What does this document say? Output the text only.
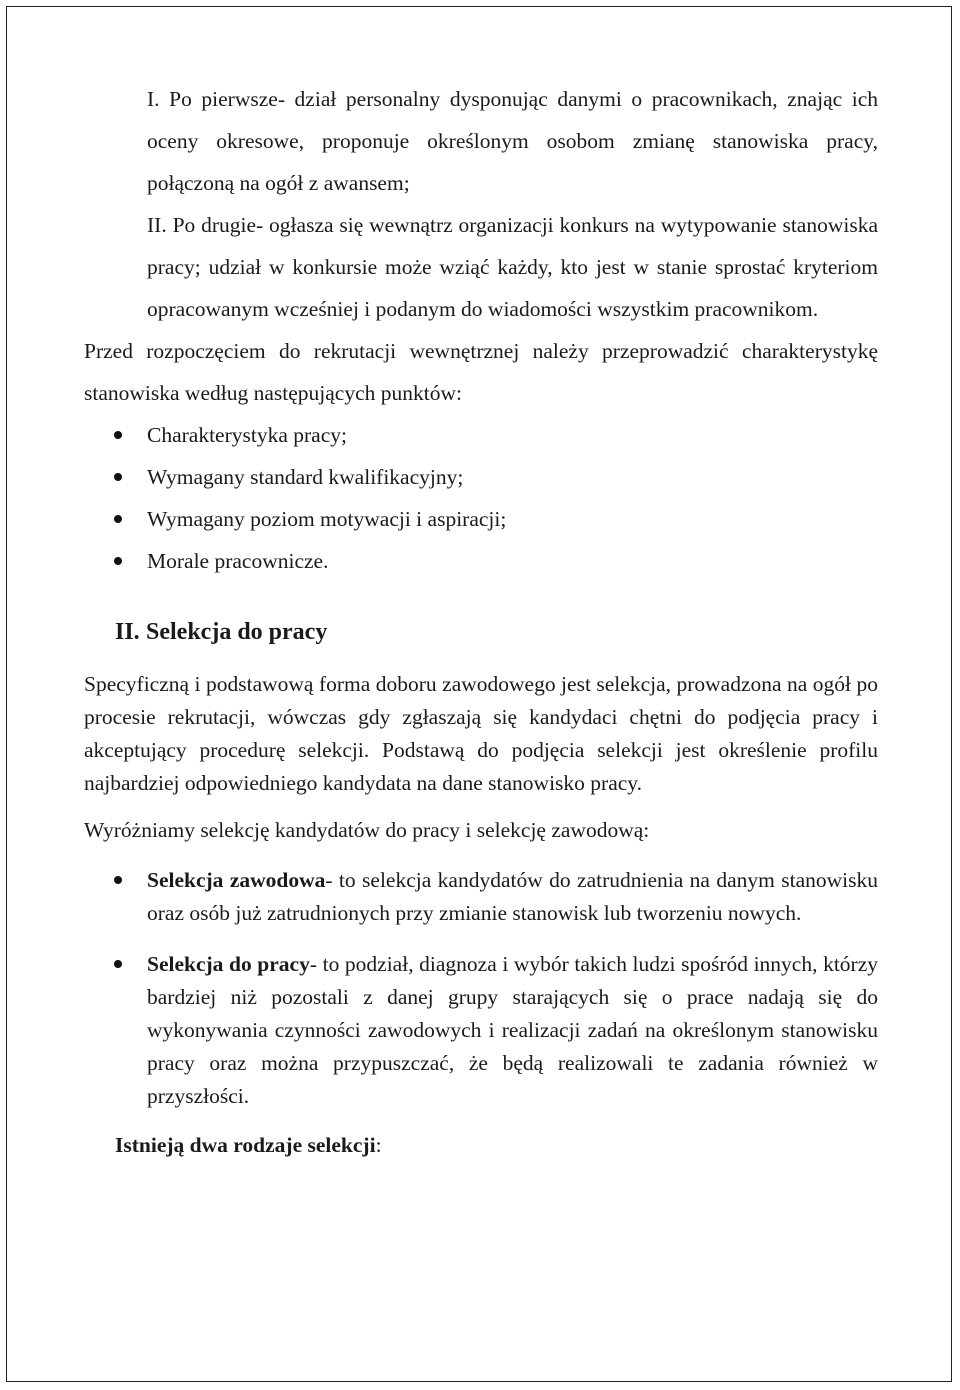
I. Po pierwsze- dział personalny dysponując danymi o pracownikach, znając ich oceny okresowe, proponuje określonym osobom zmianę stanowiska pracy, połączoną na ogół z awansem;
II. Po drugie- ogłasza się wewnątrz organizacji konkurs na wytypowanie stanowiska pracy; udział w konkursie może wziąć każdy, kto jest w stanie sprostać kryteriom opracowanym wcześniej i podanym do wiadomości wszystkim pracownikom.
Przed rozpoczęciem do rekrutacji wewnętrznej należy przeprowadzić charakterystykę stanowiska według następujących punktów:
Charakterystyka pracy;
Wymagany standard kwalifikacyjny;
Wymagany poziom motywacji i aspiracji;
Morale pracownicze.
II. Selekcja do pracy
Specyficzną i podstawową forma doboru zawodowego jest selekcja, prowadzona na ogół po procesie rekrutacji, wówczas gdy zgłaszają się kandydaci chętni do podjęcia pracy i akceptujący procedurę selekcji. Podstawą do podjęcia selekcji jest określenie profilu najbardziej odpowiedniego kandydata na dane stanowisko pracy.
Wyróżniamy selekcję kandydatów do pracy i selekcję zawodową:
Selekcja zawodowa- to selekcja kandydatów do zatrudnienia na danym stanowisku oraz osób już zatrudnionych przy zmianie stanowisk lub tworzeniu nowych.
Selekcja do pracy- to podział, diagnoza i wybór takich ludzi spośród innych, którzy bardziej niż pozostali z danej grupy starających się o prace nadają się do wykonywania czynności zawodowych i realizacji zadań na określonym stanowisku pracy oraz można przypuszczać, że będą realizowali te zadania również w przyszłości.
Istnieją dwa rodzaje selekcji:
